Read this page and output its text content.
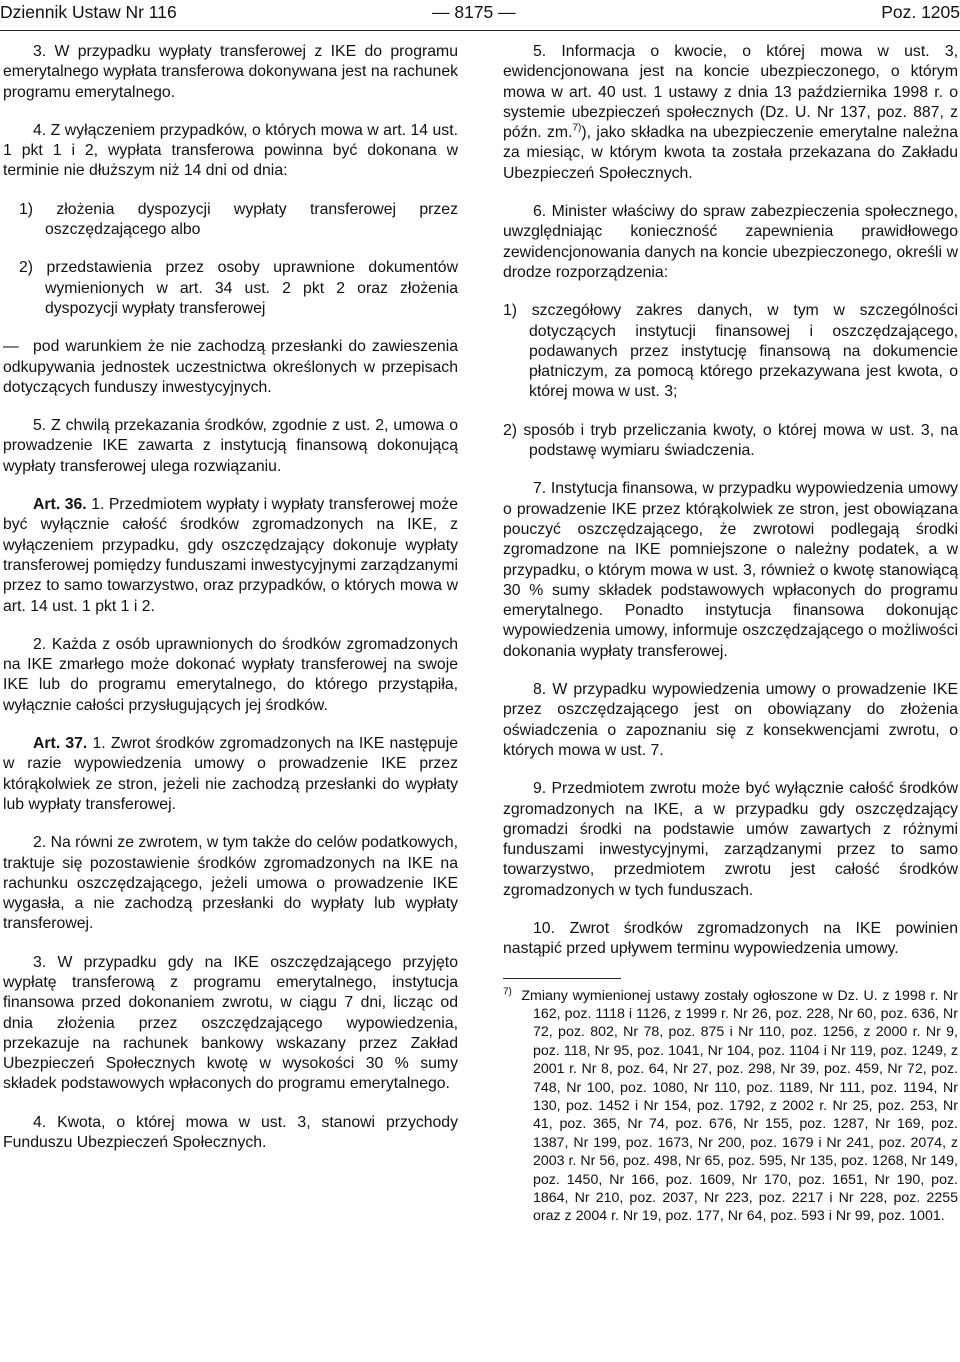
Dziennik Ustaw Nr 116	— 8175 —	Poz. 1205

3. W przypadku wypłaty transferowej z IKE do programu emerytalnego wypłata transferowa dokonywana jest na rachunek programu emerytalnego.

4. Z wyłączeniem przypadków, o których mowa w art. 14 ust. 1 pkt 1 i 2, wypłata transferowa powinna być dokonana w terminie nie dłuższym niż 14 dni od dnia:

1) złożenia dyspozycji wypłaty transferowej przez oszczędzającego albo

2) przedstawienia przez osoby uprawnione dokumentów wymienionych w art. 34 ust. 2 pkt 2 oraz złożenia dyspozycji wypłaty transferowej

— pod warunkiem że nie zachodzą przesłanki do zawieszenia odkupywania jednostek uczestnictwa określonych w przepisach dotyczących funduszy inwestycyjnych.

5. Z chwilą przekazania środków, zgodnie z ust. 2, umowa o prowadzenie IKE zawarta z instytucją finansową dokonującą wypłaty transferowej ulega rozwiązaniu.

Art. 36. 1. Przedmiotem wypłaty i wypłaty transferowej może być wyłącznie całość środków zgromadzonych na IKE, z wyłączeniem przypadku, gdy oszczędzający dokonuje wypłaty transferowej pomiędzy funduszami inwestycyjnymi zarządzanymi przez to samo towarzystwo, oraz przypadków, o których mowa w art. 14 ust. 1 pkt 1 i 2.

2. Każda z osób uprawnionych do środków zgromadzonych na IKE zmarłego może dokonać wypłaty transferowej na swoje IKE lub do programu emerytalnego, do którego przystąpiła, wyłącznie całości przysługujących jej środków.

Art. 37. 1. Zwrot środków zgromadzonych na IKE następuje w razie wypowiedzenia umowy o prowadzenie IKE przez którąkolwiek ze stron, jeżeli nie zachodzą przesłanki do wypłaty lub wypłaty transferowej.

2. Na równi ze zwrotem, w tym także do celów podatkowych, traktuje się pozostawienie środków zgromadzonych na IKE na rachunku oszczędzającego, jeżeli umowa o prowadzenie IKE wygasła, a nie zachodzą przesłanki do wypłaty lub wypłaty transferowej.

3. W przypadku gdy na IKE oszczędzającego przyjęto wypłatę transferową z programu emerytalnego, instytucja finansowa przed dokonaniem zwrotu, w ciągu 7 dni, licząc od dnia złożenia przez oszczędzającego wypowiedzenia, przekazuje na rachunek bankowy wskazany przez Zakład Ubezpieczeń Społecznych kwotę w wysokości 30 % sumy składek podstawowych wpłaconych do programu emerytalnego.

4. Kwota, o której mowa w ust. 3, stanowi przychody Funduszu Ubezpieczeń Społecznych.

5. Informacja o kwocie, o której mowa w ust. 3, ewidencjonowana jest na koncie ubezpieczonego, o którym mowa w art. 40 ust. 1 ustawy z dnia 13 października 1998 r. o systemie ubezpieczeń społecznych (Dz. U. Nr 137, poz. 887, z późn. zm.$^{7)}$), jako składka na ubezpieczenie emerytalne należna za miesiąc, w którym kwota ta została przekazana do Zakładu Ubezpieczeń Społecznych.

6. Minister właściwy do spraw zabezpieczenia społecznego, uwzględniając konieczność zapewnienia prawidłowego zewidencjonowania danych na koncie ubezpieczonego, określi w drodze rozporządzenia:

1) szczegółowy zakres danych, w tym w szczególności dotyczących instytucji finansowej i oszczędzającego, podawanych przez instytucję finansową na dokumencie płatniczym, za pomocą którego przekazywana jest kwota, o której mowa w ust. 3;

2) sposób i tryb przeliczania kwoty, o której mowa w ust. 3, na podstawę wymiaru świadczenia.

7. Instytucja finansowa, w przypadku wypowiedzenia umowy o prowadzenie IKE przez którąkolwiek ze stron, jest obowiązana pouczyć oszczędzającego, że zwrotowi podlegają środki zgromadzone na IKE pomniejszone o należny podatek, a w przypadku, o którym mowa w ust. 3, również o kwotę stanowiącą 30 % sumy składek podstawowych wpłaconych do programu emerytalnego. Ponadto instytucja finansowa dokonując wypowiedzenia umowy, informuje oszczędzającego o możliwości dokonania wypłaty transferowej.

8. W przypadku wypowiedzenia umowy o prowadzenie IKE przez oszczędzającego jest on obowiązany do złożenia oświadczenia o zapoznaniu się z konsekwencjami zwrotu, o których mowa w ust. 7.

9. Przedmiotem zwrotu może być wyłącznie całość środków zgromadzonych na IKE, a w przypadku gdy oszczędzający gromadzi środki na podstawie umów zawartych z różnymi funduszami inwestycyjnymi, zarządzanymi przez to samo towarzystwo, przedmiotem zwrotu jest całość środków zgromadzonych w tych funduszach.

10. Zwrot środków zgromadzonych na IKE powinien nastąpić przed upływem terminu wypowiedzenia umowy.

$^{7)}$ Zmiany wymienionej ustawy zostały ogłoszone w Dz. U. z 1998 r. Nr 162, poz. 1118 i 1126, z 1999 r. Nr 26, poz. 228, Nr 60, poz. 636, Nr 72, poz. 802, Nr 78, poz. 875 i Nr 110, poz. 1256, z 2000 r. Nr 9, poz. 118, Nr 95, poz. 1041, Nr 104, poz. 1104 i Nr 119, poz. 1249, z 2001 r. Nr 8, poz. 64, Nr 27, poz. 298, Nr 39, poz. 459, Nr 72, poz. 748, Nr 100, poz. 1080, Nr 110, poz. 1189, Nr 111, poz. 1194, Nr 130, poz. 1452 i Nr 154, poz. 1792, z 2002 r. Nr 25, poz. 253, Nr 41, poz. 365, Nr 74, poz. 676, Nr 155, poz. 1287, Nr 169, poz. 1387, Nr 199, poz. 1673, Nr 200, poz. 1679 i Nr 241, poz. 2074, z 2003 r. Nr 56, poz. 498, Nr 65, poz. 595, Nr 135, poz. 1268, Nr 149, poz. 1450, Nr 166, poz. 1609, Nr 170, poz. 1651, Nr 190, poz. 1864, Nr 210, poz. 2037, Nr 223, poz. 2217 i Nr 228, poz. 2255 oraz z 2004 r. Nr 19, poz. 177, Nr 64, poz. 593 i Nr 99, poz. 1001.
